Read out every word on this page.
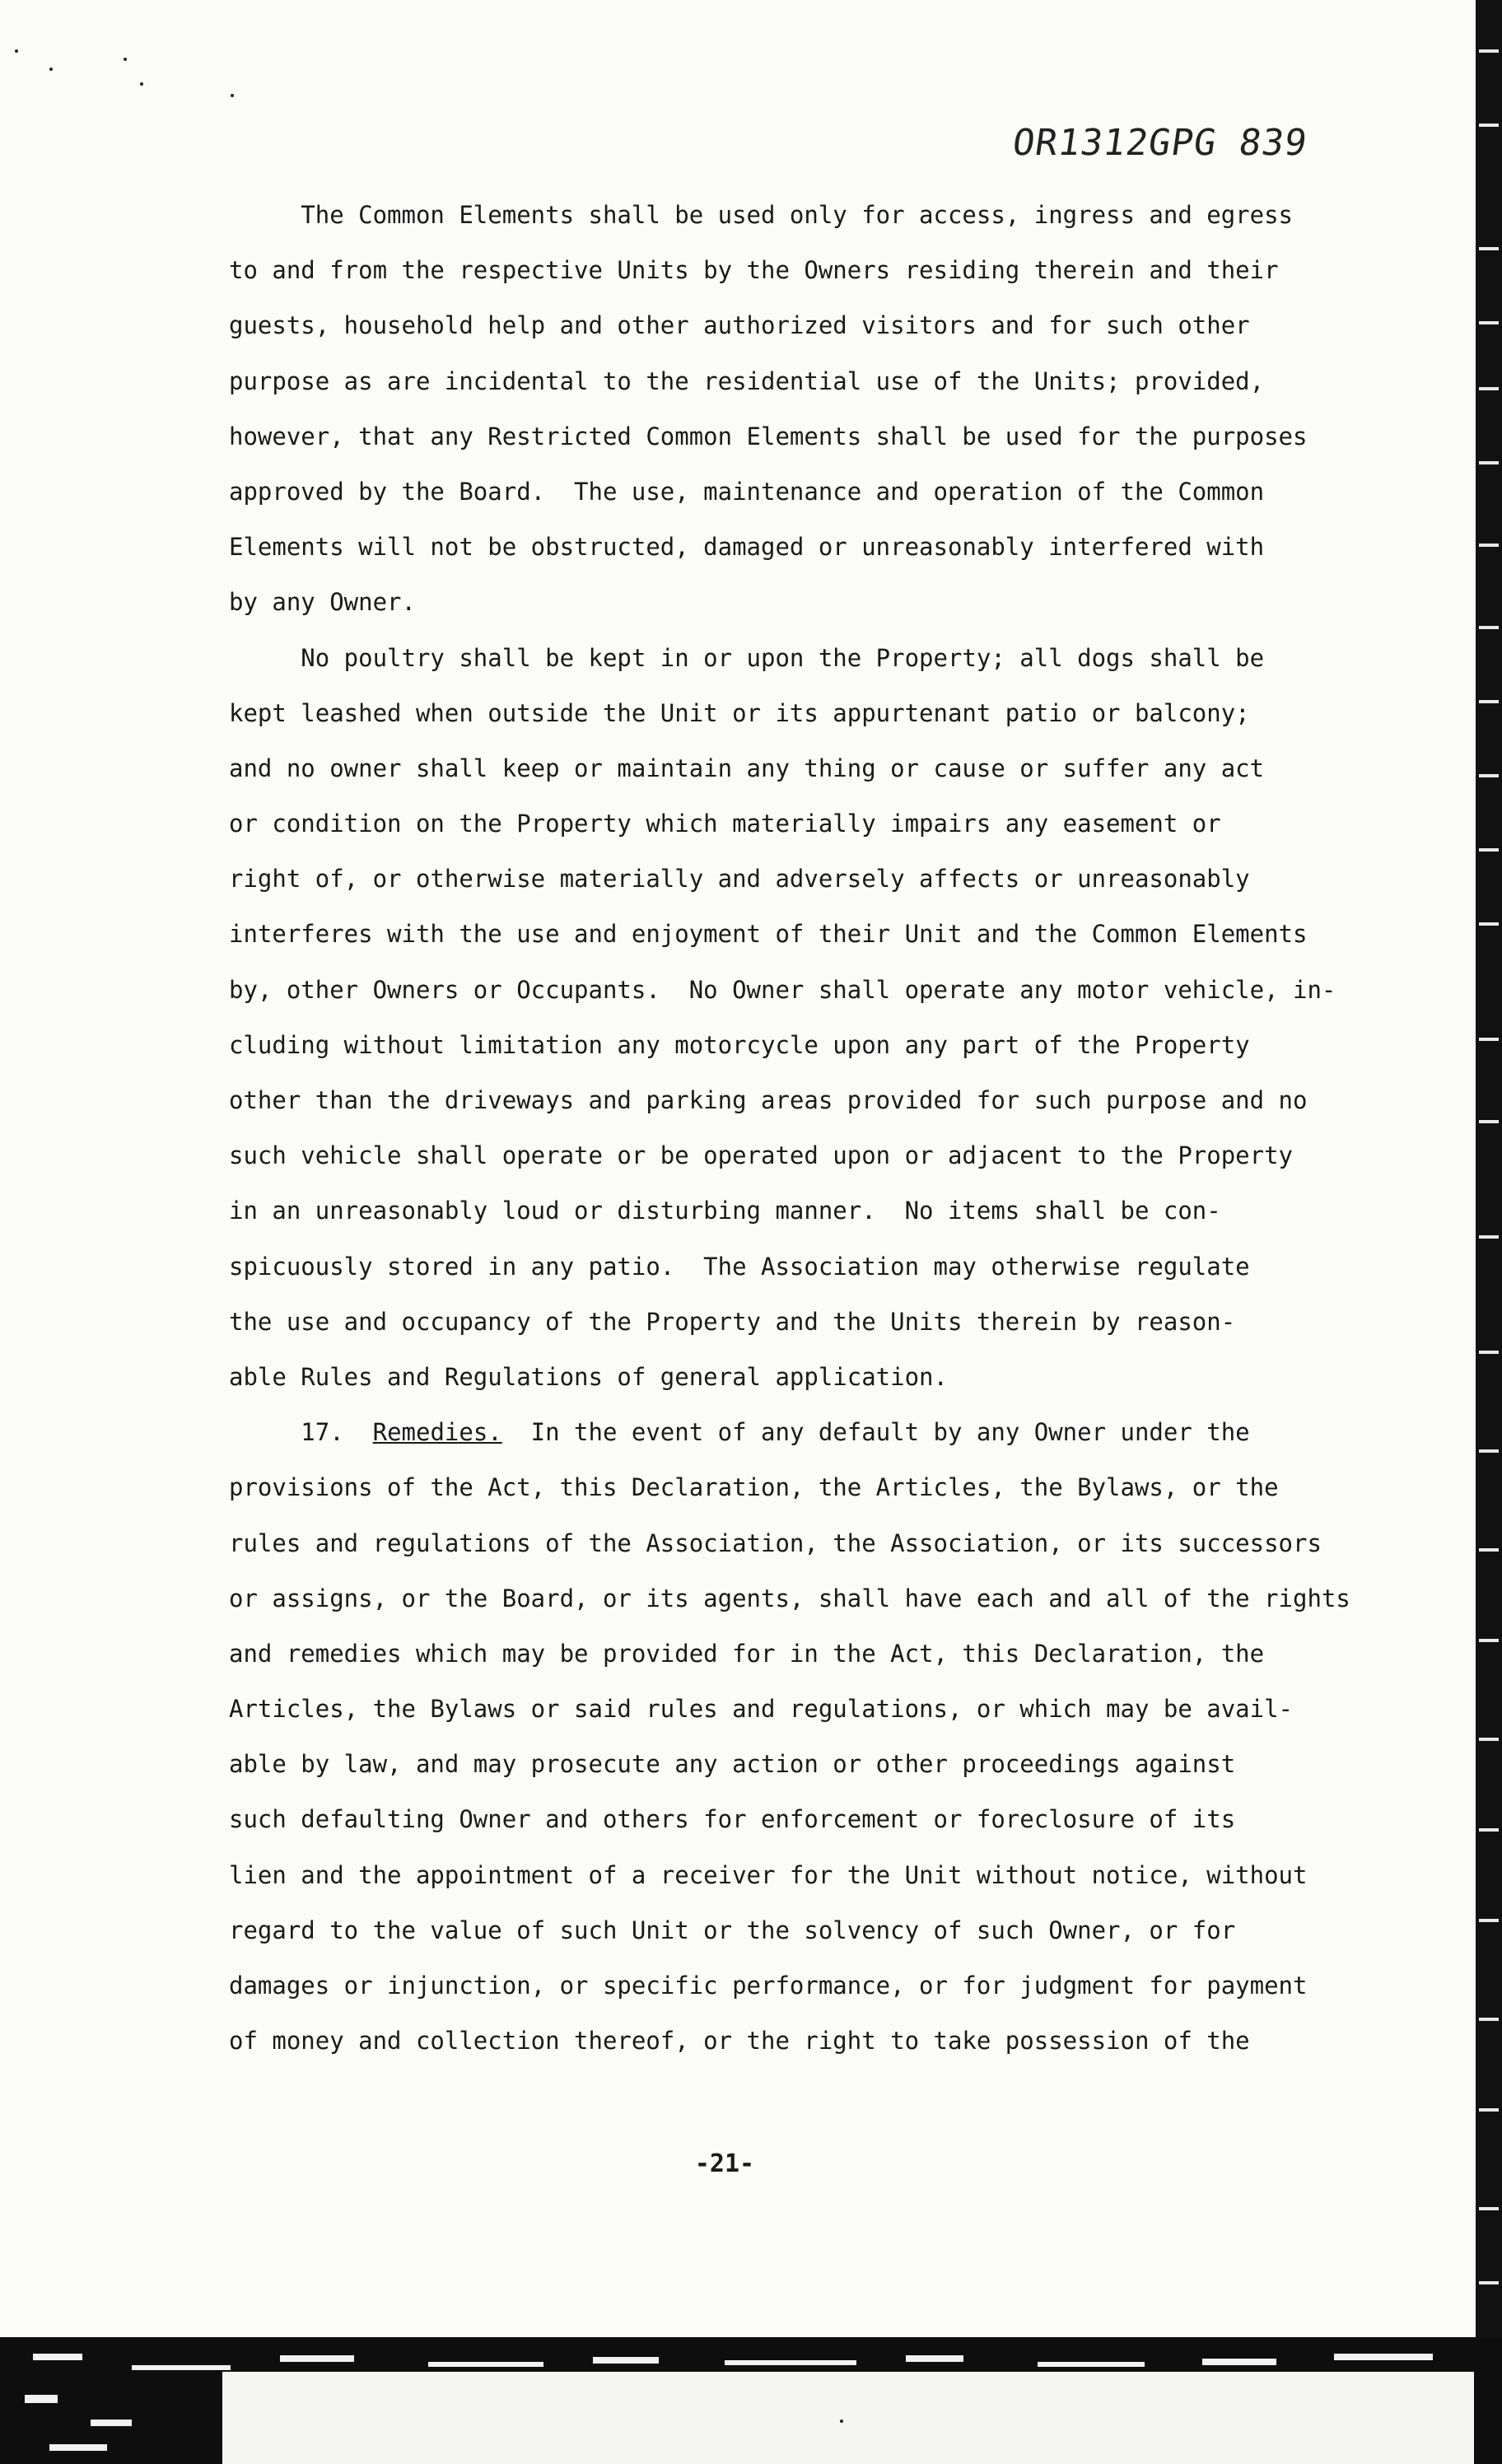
OR1312GPG 839
The Common Elements shall be used only for access, ingress and egress
to and from the respective Units by the Owners residing therein and their
guests, household help and other authorized visitors and for such other
purpose as are incidental to the residential use of the Units; provided,
however, that any Restricted Common Elements shall be used for the purposes
approved by the Board.  The use, maintenance and operation of the Common
Elements will not be obstructed, damaged or unreasonably interfered with
by any Owner.
No poultry shall be kept in or upon the Property; all dogs shall be
kept leashed when outside the Unit or its appurtenant patio or balcony;
and no owner shall keep or maintain any thing or cause or suffer any act
or condition on the Property which materially impairs any easement or
right of, or otherwise materially and adversely affects or unreasonably
interferes with the use and enjoyment of their Unit and the Common Elements
by, other Owners or Occupants.  No Owner shall operate any motor vehicle, in-
cluding without limitation any motorcycle upon any part of the Property
other than the driveways and parking areas provided for such purpose and no
such vehicle shall operate or be operated upon or adjacent to the Property
in an unreasonably loud or disturbing manner.  No items shall be con-
spicuously stored in any patio.  The Association may otherwise regulate
the use and occupancy of the Property and the Units therein by reason-
able Rules and Regulations of general application.
17.  Remedies.  In the event of any default by any Owner under the
provisions of the Act, this Declaration, the Articles, the Bylaws, or the
rules and regulations of the Association, the Association, or its successors
or assigns, or the Board, or its agents, shall have each and all of the rights
and remedies which may be provided for in the Act, this Declaration, the
Articles, the Bylaws or said rules and regulations, or which may be avail-
able by law, and may prosecute any action or other proceedings against
such defaulting Owner and others for enforcement or foreclosure of its
lien and the appointment of a receiver for the Unit without notice, without
regard to the value of such Unit or the solvency of such Owner, or for
damages or injunction, or specific performance, or for judgment for payment
of money and collection thereof, or the right to take possession of the
-21-
